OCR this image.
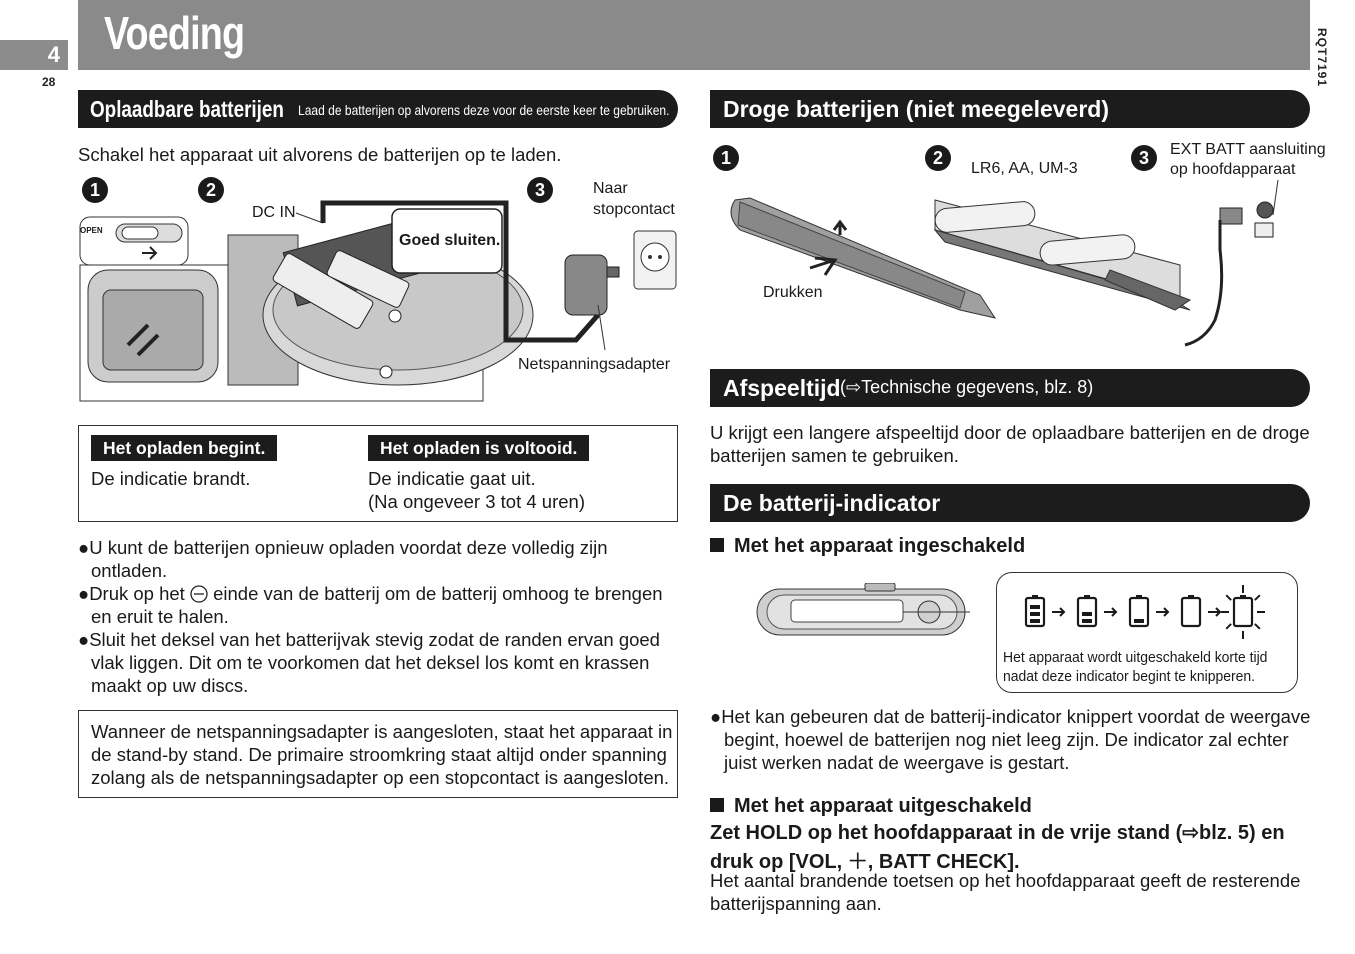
4
28
Voeding	RQT7191
Oplaadbare batterijen Laad de batterijen op alvorens deze voor de eerste keer te gebruiken.
Schakel het apparaat uit alvorens de batterijen op te laden.
1	2	3
OPEN
DC IN
Goed sluiten.
Naar
stopcontact
Netspanningsadapter
Het opladen begint.
De indicatie brandt.
Het opladen is voltooid.
De indicatie gaat uit.
(Na ongeveer 3 tot 4 uren)
●U kunt de batterijen opnieuw opladen voordat deze volledig zijn
ontladen.
●Druk op het  einde van de batterij om de batterij omhoog te brengen
en eruit te halen.
●Sluit het deksel van het batterijvak stevig zodat de randen ervan goed
vlak liggen. Dit om te voorkomen dat het deksel los komt en krassen
maakt op uw discs.
Wanneer de netspanningsadapter is aangesloten, staat het apparaat in
de stand-by stand. De primaire stroomkring staat altijd onder spanning
zolang als de netspanningsadapter op een stopcontact is aangesloten.
Droge batterijen (niet meegeleverd)
1	2	3
LR6, AA, UM-3
EXT BATT aansluiting
op hoofdapparaat
Drukken
Afspeeltijd (⇨Technische gegevens, blz. 8)
U krijgt een langere afspeeltijd door de oplaadbare batterijen en de droge
batterijen samen te gebruiken.
De batterij-indicator
Met het apparaat ingeschakeld
Het apparaat wordt uitgeschakeld korte tijd
nadat deze indicator begint te knipperen.
●Het kan gebeuren dat de batterij-indicator knippert voordat de weergave
begint, hoewel de batterijen nog niet leeg zijn. De indicator zal echter
juist werken nadat de weergave is gestart.
Met het apparaat uitgeschakeld
Zet HOLD op het hoofdapparaat in de vrije stand (⇨blz. 5) en
druk op [VOL, ＋, BATT CHECK].
Het aantal brandende toetsen op het hoofdapparaat geeft de resterende
batterijspanning aan.
